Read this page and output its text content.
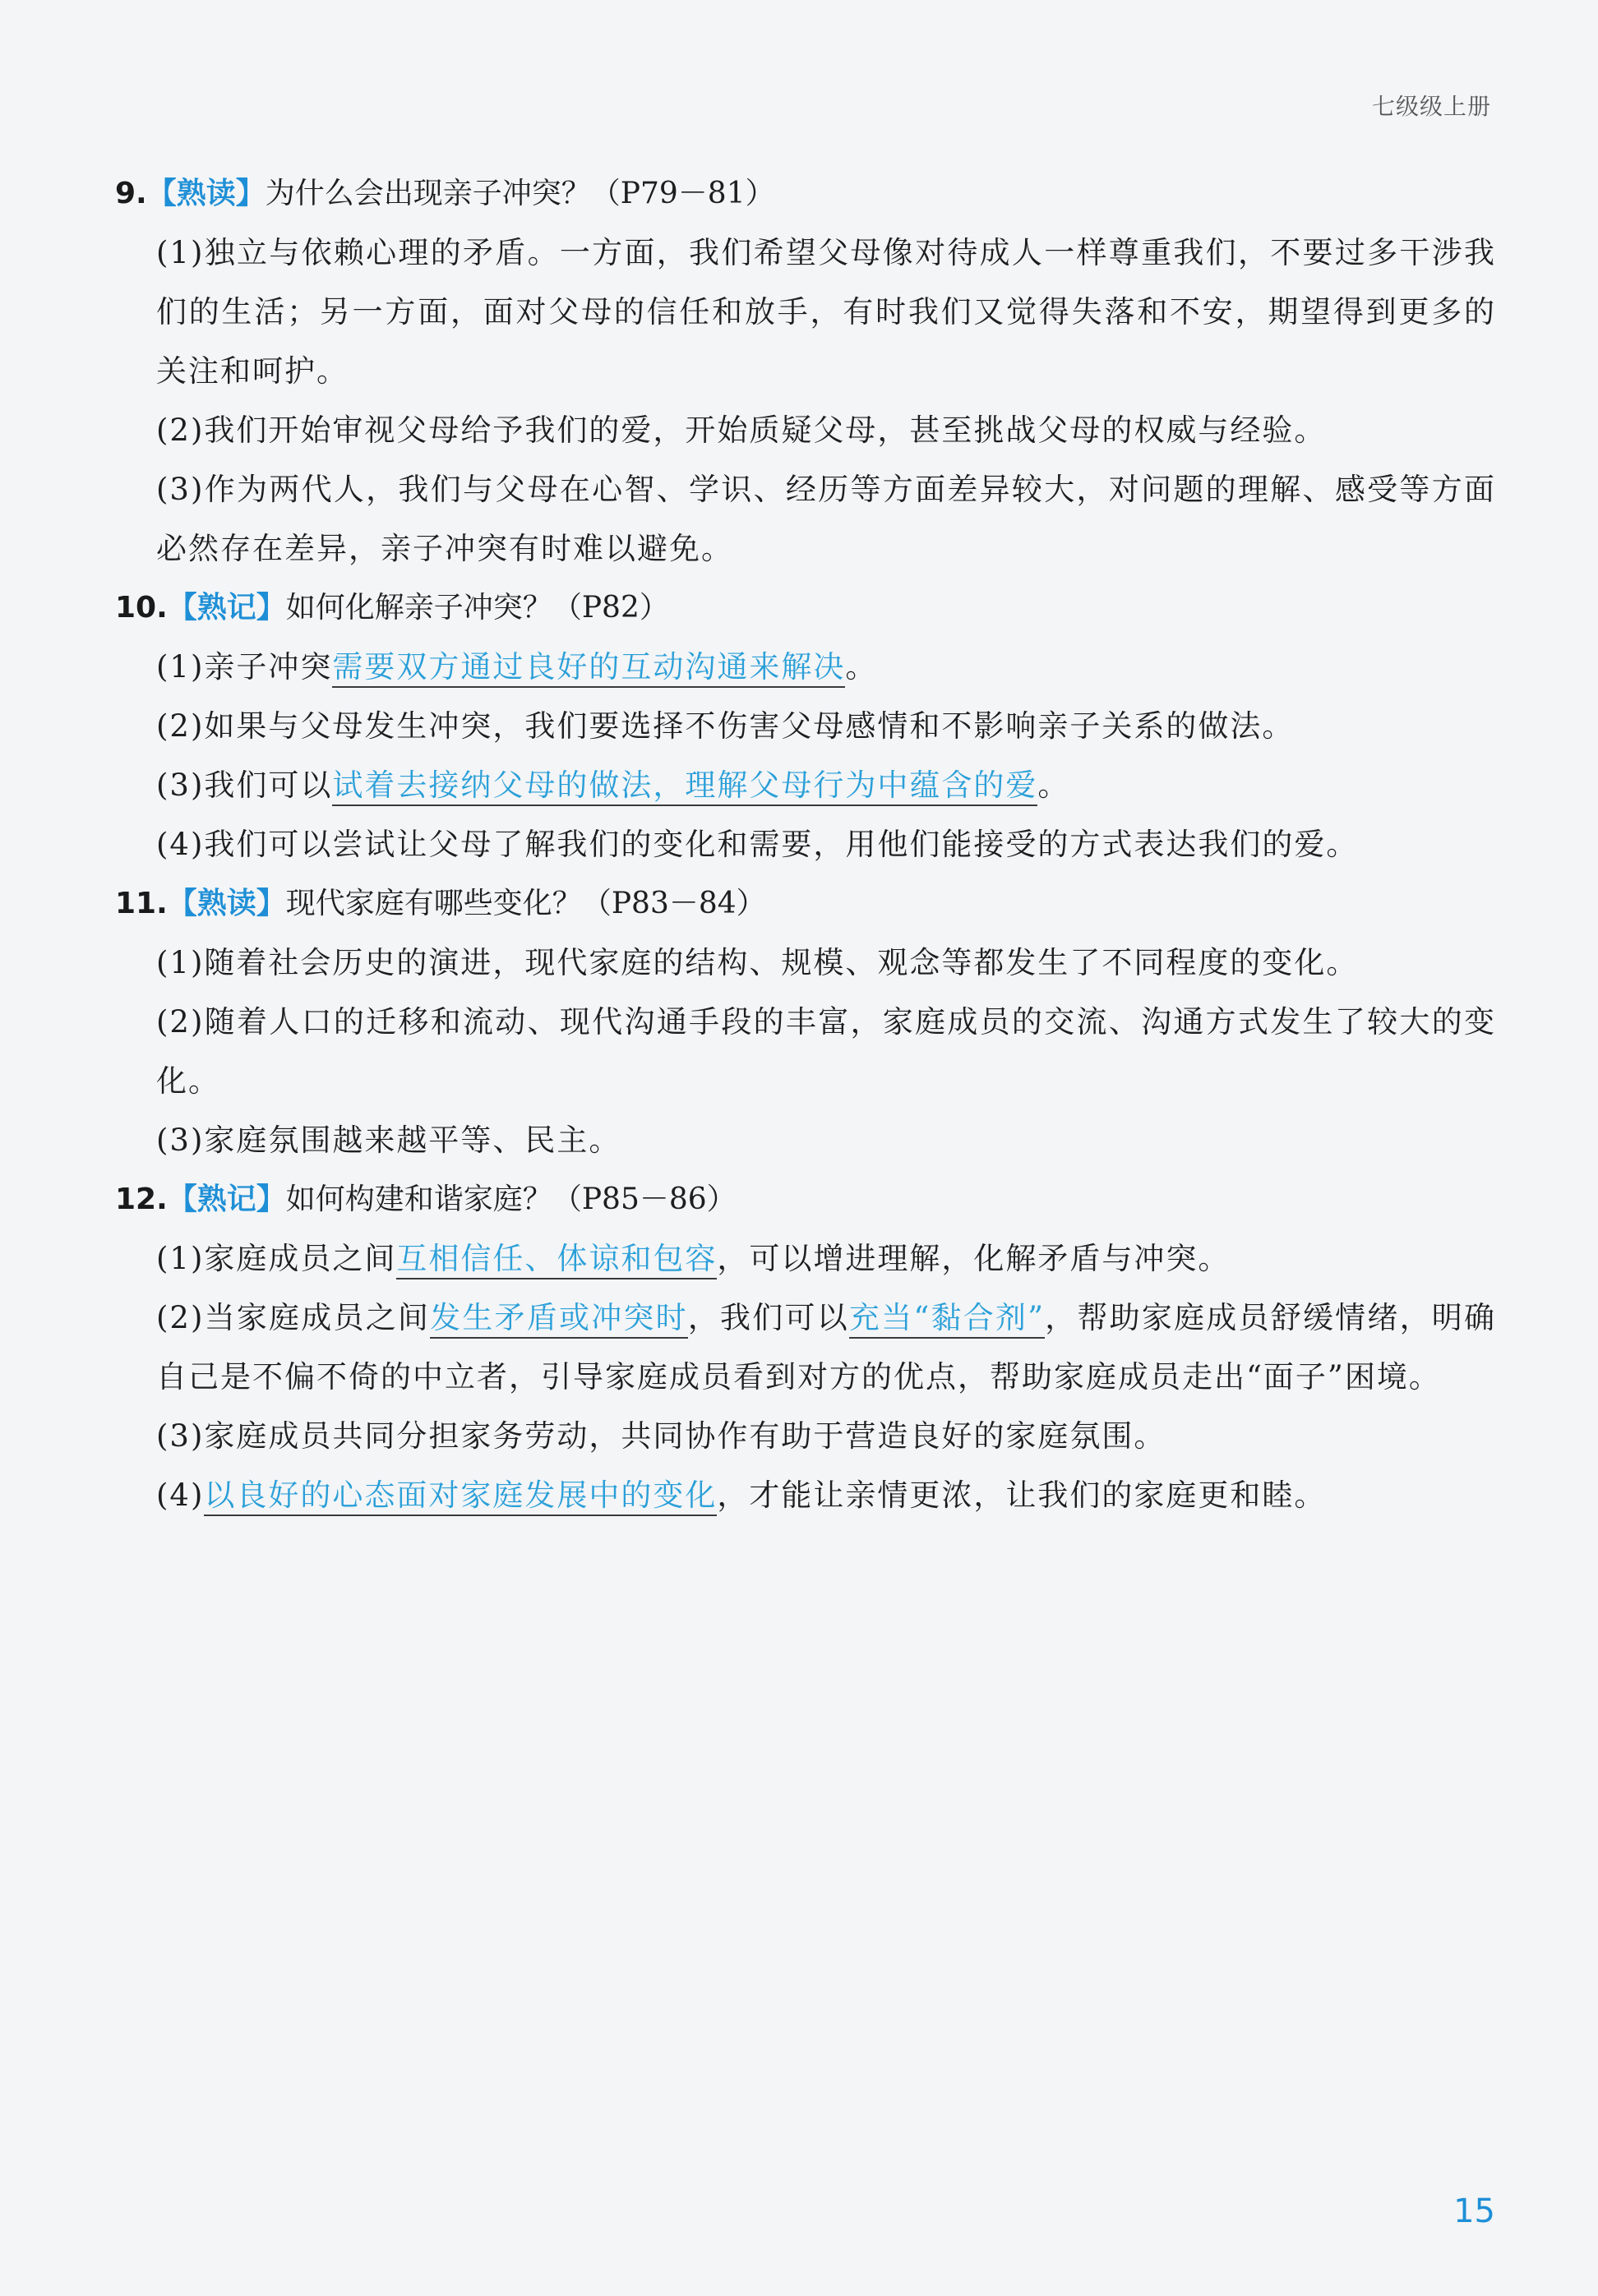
七级级上册
9.【熟读】为什么会出现亲子冲突？（P79－81）
(1)独立与依赖心理的矛盾。一方面，我们希望父母像对待成人一样尊重我们，不要过多干涉我们的生活；另一方面，面对父母的信任和放手，有时我们又觉得失落和不安，期望得到更多的关注和呵护。
(2)我们开始审视父母给予我们的爱，开始质疑父母，甚至挑战父母的权威与经验。
(3)作为两代人，我们与父母在心智、学识、经历等方面差异较大，对问题的理解、感受等方面必然存在差异，亲子冲突有时难以避免。
10.【熟记】如何化解亲子冲突？（P82）
(1)亲子冲突需要双方通过良好的互动沟通来解决。
(2)如果与父母发生冲突，我们要选择不伤害父母感情和不影响亲子关系的做法。
(3)我们可以试着去接纳父母的做法，理解父母行为中蕴含的爱。
(4)我们可以尝试让父母了解我们的变化和需要，用他们能接受的方式表达我们的爱。
11.【熟读】现代家庭有哪些变化？（P83－84）
(1)随着社会历史的演进，现代家庭的结构、规模、观念等都发生了不同程度的变化。
(2)随着人口的迁移和流动、现代沟通手段的丰富，家庭成员的交流、沟通方式发生了较大的变化。
(3)家庭氛围越来越平等、民主。
12.【熟记】如何构建和谐家庭？（P85－86）
(1)家庭成员之间互相信任、体谅和包容，可以增进理解，化解矛盾与冲突。
(2)当家庭成员之间发生矛盾或冲突时，我们可以充当“黏合剂”，帮助家庭成员舒缓情绪，明确自己是不偏不倚的中立者，引导家庭成员看到对方的优点，帮助家庭成员走出“面子”困境。
(3)家庭成员共同分担家务劳动，共同协作有助于营造良好的家庭氛围。
(4)以良好的心态面对家庭发展中的变化，才能让亲情更浓，让我们的家庭更和睦。
15
